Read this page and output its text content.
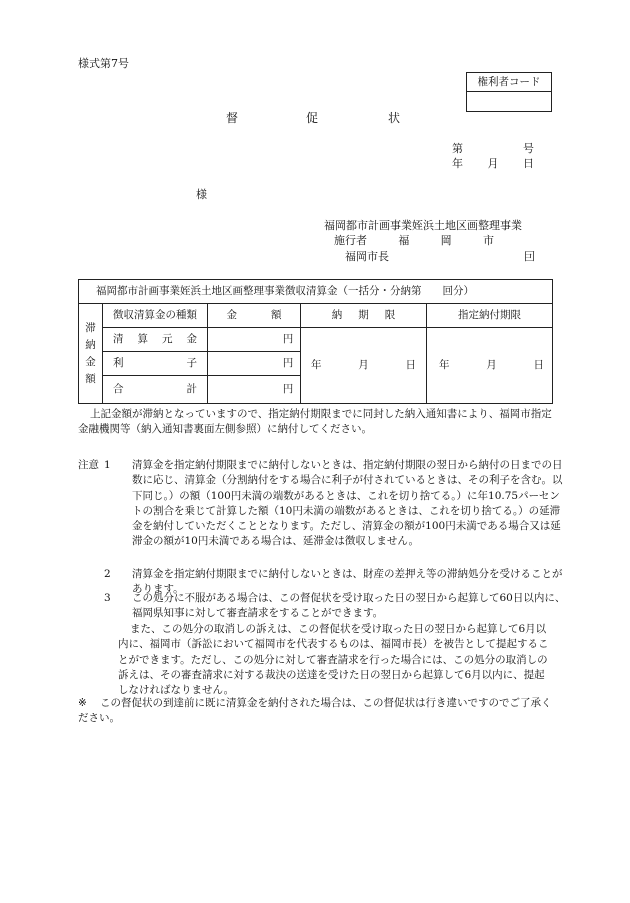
様式第7号
権利者コード
督	促	状
第	号
年 月 日
様
福岡都市計画事業姪浜土地区画整理事業
施行者	福	岡	市
福岡市長	囙
福岡都市計画事業姪浜土地区画整理事業徴収清算金（一括分・分納第　　回分）
滞
納
金
額
徴収清算金の種類	金	額	納 期 限	指定納付期限
清 算 元 金	円
利	子	円
合	計	円
年	月	日 年	月	日
上記金額が滞納となっていますので、指定納付期限までに同封した納入通知書により、福岡市指定金融機関等（納入通知書裏面左側参照）に納付してください。
注意 1 清算金を指定納付期限までに納付しないときは、指定納付期限の翌日から納付の日までの日数に応じ、清算金（分割納付をする場合に利子が付されているときは、その利子を含む。以下同じ。）の額（100円未満の端数があるときは、これを切り捨てる。）に年10.75パーセントの割合を乗じて計算した額（10円未満の端数があるときは、これを切り捨てる。）の延滞金を納付していただくこととなります。ただし、清算金の額が100円未満である場合又は延滞金の額が10円未満である場合は、延滞金は徴収しません。
2 清算金を指定納付期限までに納付しないときは、財産の差押え等の滞納処分を受けることがあります。
3 この処分に不服がある場合は、この督促状を受け取った日の翌日から起算して60日以内に、福岡県知事に対して審査請求をすることができます。
また、この処分の取消しの訴えは、この督促状を受け取った日の翌日から起算して6月以内に、福岡市（訴訟において福岡市を代表するものは、福岡市長）を被告として提起することができます。ただし、この処分に対して審査請求を行った場合には、この処分の取消しの訴えは、その審査請求に対する裁決の送達を受けた日の翌日から起算して6月以内に、提起しなければなりません。
※ この督促状の到達前に既に清算金を納付された場合は、この督促状は行き違いですのでご了承ください。
